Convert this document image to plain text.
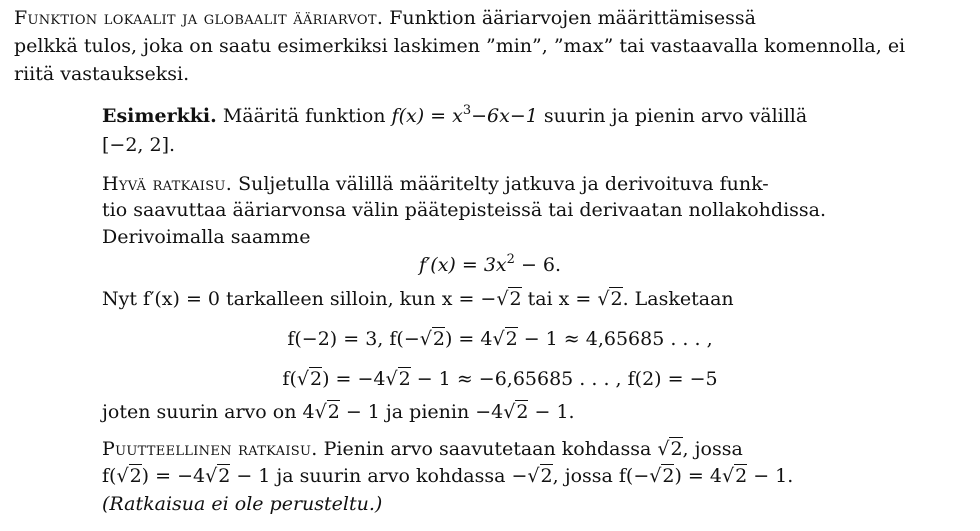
Funktion lokaalit ja globaalit ääriarvot. Funktion ääriarvojen määrittämisessä
pelkkä tulos, joka on saatu esimerkiksi laskimen ”min”, ”max” tai vastaavalla komennolla, ei
riitä vastaukseksi.
Esimerkki. Määritä funktion $f(x) = x^3-6x-1$ suurin ja pienin arvo välillä
[−2, 2].
Hyvä ratkaisu. Suljetulla välillä määritelty jatkuva ja derivoituva funk-
tio saavuttaa ääriarvonsa välin päätepisteissä tai derivaatan nollakohdissa.
Derivoimalla saamme
$f'(x) = 3x^2 - 6$.
Nyt f′(x) = 0 tarkalleen silloin, kun x = −√2 tai x = √2. Lasketaan
f(−2) = 3, f(−√2) = 4√2 − 1 ≈ 4,65685 . . . ,
f(√2) = −4√2 − 1 ≈ −6,65685 . . . , f(2) = −5
joten suurin arvo on 4√2 − 1 ja pienin −4√2 − 1.
Puutteellinen ratkaisu. Pienin arvo saavutetaan kohdassa √2, jossa
f(√2) = −4√2 − 1 ja suurin arvo kohdassa −√2, jossa f(−√2) = 4√2 − 1.
(Ratkaisua ei ole perusteltu.)
